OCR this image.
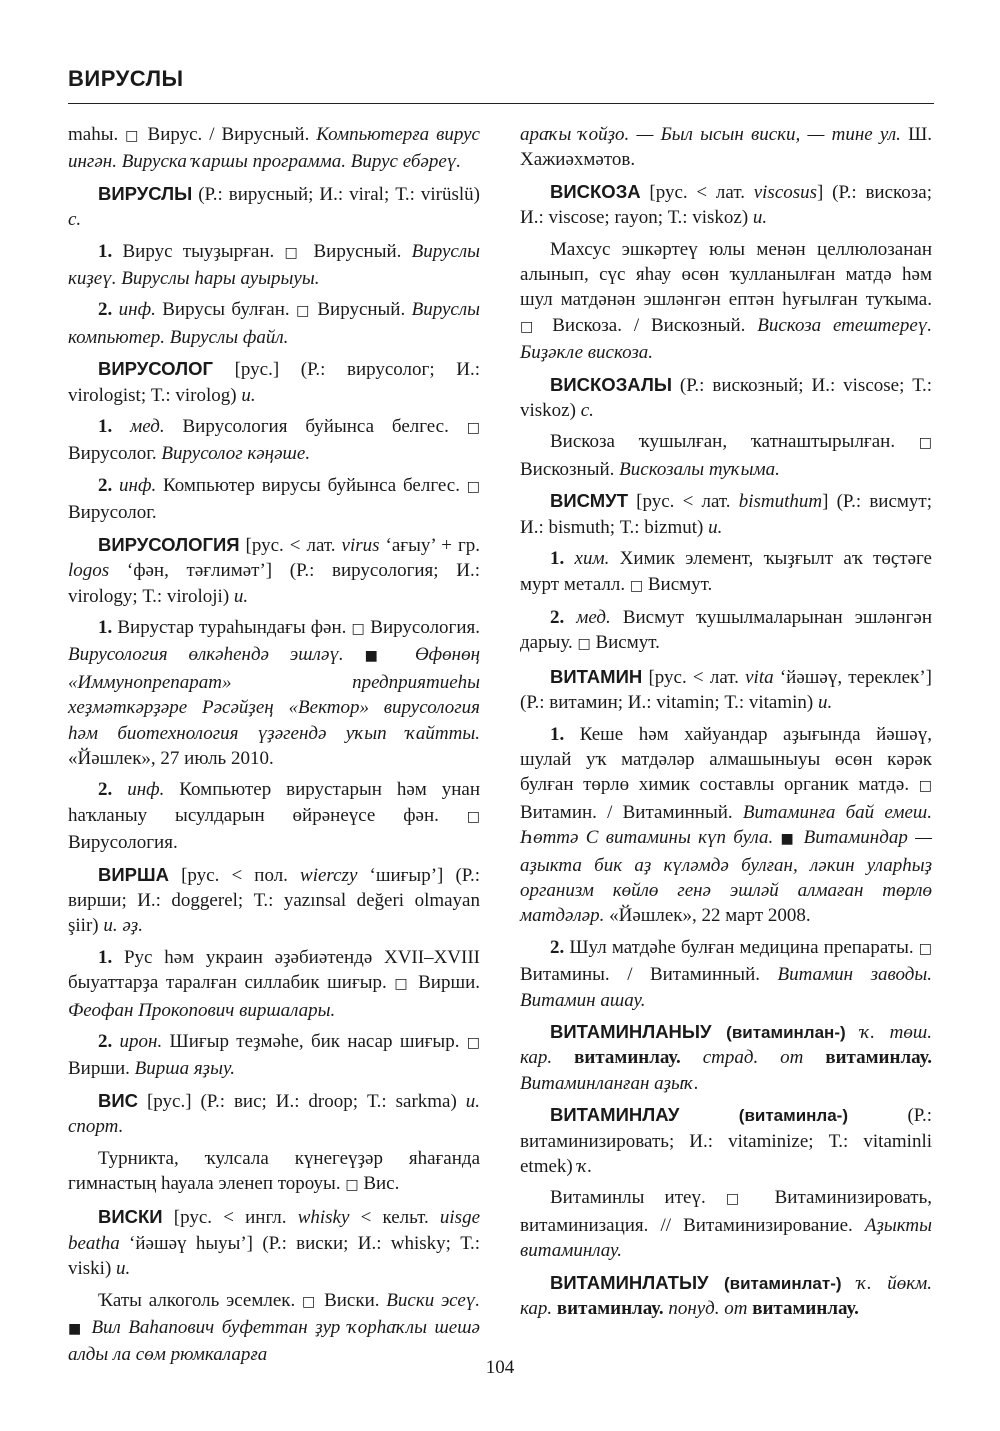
ВИРУСЛЫ

maһы. □ Вирус. / Вирусный. Компьютерға вирус ингән. Вируска ҡаршы программа. Вирус ебәреү.

ВИРУСЛЫ (Р.: вирусный; И.: viral; Т.: virüslü) с.

1. Вирус тыуҙырған. □ Вирусный. Вируслы киҙеү. Вируслы һары ауырыуы.

2. инф. Вирусы булған. □ Вирусный. Вируслы компьютер. Вируслы файл.

ВИРУСОЛОГ [рус.] (Р.: вирусолог; И.: virologist; Т.: virolog) и.

1. мед. Вирусология буйынса белгес. □ Вирусолог. Вирусолог кәңәше.

2. инф. Компьютер вирусы буйынса белгес. □ Вирусолог.

ВИРУСОЛОГИЯ [рус. < лат. virus ‘ағыу’ + гр. logos ‘фән, тәғлимәт’] (Р.: вирусология; И.: virology; Т.: viroloji) и.

1. Вирустар тураһындағы фән. □ Вирусология. Вирусология өлкәһендә эшләү. ■ Өфөнөң «Иммунопрепарат» предприятиеһы хеҙмәткәрҙәре Рәсәйҙең «Вектор» вирусология һәм биотехнология үҙәгендә уҡып ҡайтты. «Йәшлек», 27 июль 2010.

2. инф. Компьютер вирустарын һәм унан һаҡланыу ысулдарын өйрәнеүсе фән. □ Вирусология.

ВИРША [рус. < пол. wierczy ‘шиғыр’] (Р.: вирши; И.: doggerel; Т.: yazınsal değeri olmayan şiir) и. әҙ.

1. Рус һәм украин әҙәбиәтендә XVII–XVIII быуаттарҙа таралған силлабик шиғыр. □ Вирши. Феофан Прокопович виршалары.

2. ирон. Шиғыр теҙмәһе, бик насар шиғыр. □ Вирши. Вирша яҙыу.

ВИС [рус.] (Р.: вис; И.: droop; Т.: sarkma) и. спорт.

Турникта, ҡулсала күнегеүҙәр яһағанда гимнастың һауала эленеп тороуы. □ Вис.

ВИСКИ [рус. < ингл. whisky < кельт. uisge beatha ‘йәшәү һыуы’] (Р.: виски; И.: whisky; Т.: viski) и.

Ҡаты алкоголь эсемлек. □ Виски. Виски эсеү. ■ Вил Ваһапович буфеттан ҙур ҡорһаҡлы шешә алды ла сөм рюмкаларға

араҡы ҡойҙо. — Был ысын виски, — тине ул. Ш. Хажиәхмәтов.

ВИСКОЗА [рус. < лат. viscosus] (Р.: вискоза; И.: viscose; rayon; Т.: viskoz) и.

Махсус эшкәртеү юлы менән целлюлозанан алынып, сүс яһау өсөн ҡулланылған матдә һәм шул матдәнән эшләнгән ептән һуғылған туҡыма. □ Вискоза. / Вискозный. Вискоза етештереү. Биҙәкле вискоза.

ВИСКОЗАЛЫ (Р.: вискозный; И.: viscose; Т.: viskoz) с.

Вискоза ҡушылған, ҡатнаштырылған. □ Вискозный. Вискозалы туҡыма.

ВИСМУТ [рус. < лат. bismuthum] (Р.: висмут; И.: bismuth; Т.: bizmut) и.

1. хим. Химик элемент, ҡыҙғылт аҡ төҫтәге мурт металл. □ Висмут.

2. мед. Висмут ҡушылмаларынан эшләнгән дарыу. □ Висмут.

ВИТАМИН [рус. < лат. vita ‘йәшәү, тереклек’] (Р.: витамин; И.: vitamin; Т.: vitamin) и.

1. Кеше һәм хайуандар аҙығында йәшәү, шулай уҡ матдәләр алмашыныуы өсөн кәрәк булған төрлө химик составлы органик матдә. □ Витамин. / Витаминный. Витаминға бай емеш. Һөттә С витамины күп була. ■ Витаминдар — аҙыкта бик аҙ күләмдә булған, ләкин уларһыҙ организм көйлө генә эшләй алмаған төрлө матдәләр. «Йәшлек», 22 март 2008.

2. Шул матдәһе булған медицина препараты. □ Витамины. / Витаминный. Витамин заводы. Витамин ашау.

ВИТАМИНЛАНЫУ (витаминлан-) ҡ. төш. кар. витаминлау. страд. от витаминлау. Витаминланған аҙыҡ.

ВИТАМИНЛАУ (витаминла-) (Р.: витаминизировать; И.: vitaminize; Т.: vitaminli etmek) ҡ.

Витаминлы итеү. □ Витаминизировать, витаминизация. // Витаминизирование. Аҙыкты витаминлау.

ВИТАМИНЛАТЫУ (витаминлат-) ҡ. йөкм. кар. витаминлау. понуд. от витаминлау.

104
